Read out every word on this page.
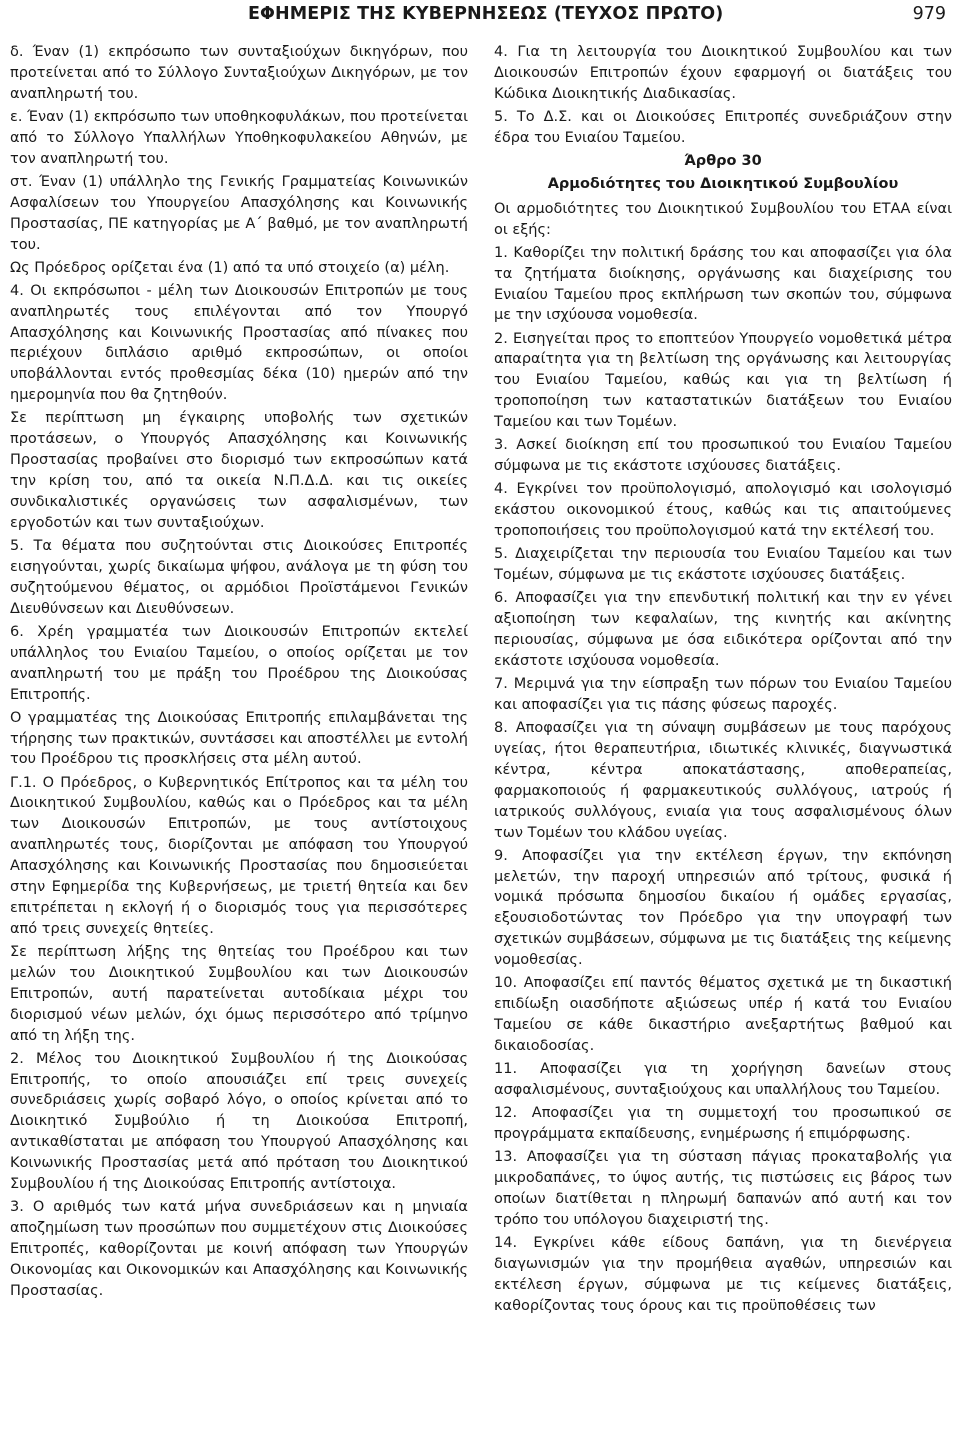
ΕΦΗΜΕΡΙΣ ΤΗΣ ΚΥΒΕΡΝΗΣΕΩΣ (ΤΕΥΧΟΣ ΠΡΩΤΟ)	979

δ. Έναν (1) εκπρόσωπο των συνταξιούχων δικηγόρων, που προτείνεται από το Σύλλογο Συνταξιούχων Δικηγόρων, με τον αναπληρωτή του.

ε. Έναν (1) εκπρόσωπο των υποθηκοφυλάκων, που προτείνεται από το Σύλλογο Υπαλλήλων Υποθηκοφυλακείου Αθηνών, με τον αναπληρωτή του.

στ. Έναν (1) υπάλληλο της Γενικής Γραμματείας Κοινωνικών Ασφαλίσεων του Υπουργείου Απασχόλησης και Κοινωνικής Προστασίας, ΠΕ κατηγορίας με Α΄ βαθμό, με τον αναπληρωτή του.

Ως Πρόεδρος ορίζεται ένα (1) από τα υπό στοιχείο (α) μέλη.

4. Οι εκπρόσωποι - μέλη των Διοικουσών Επιτροπών με τους αναπληρωτές τους επιλέγονται από τον Υπουργό Απασχόλησης και Κοινωνικής Προστασίας από πίνακες που περιέχουν διπλάσιο αριθμό εκπροσώπων, οι οποίοι υποβάλλονται εντός προθεσμίας δέκα (10) ημερών από την ημερομηνία που θα ζητηθούν.

Σε περίπτωση μη έγκαιρης υποβολής των σχετικών προτάσεων, ο Υπουργός Απασχόλησης και Κοινωνικής Προστασίας προβαίνει στο διορισμό των εκπροσώπων κατά την κρίση του, από τα οικεία Ν.Π.Δ.Δ. και τις οικείες συνδικαλιστικές οργανώσεις των ασφαλισμένων, των εργοδοτών και των συνταξιούχων.

5. Τα θέματα που συζητούνται στις Διοικούσες Επιτροπές εισηγούνται, χωρίς δικαίωμα ψήφου, ανάλογα με τη φύση του συζητούμενου θέματος, οι αρμόδιοι Προϊστάμενοι Γενικών Διευθύνσεων και Διευθύνσεων.

6. Χρέη γραμματέα των Διοικουσών Επιτροπών εκτελεί υπάλληλος του Ενιαίου Ταμείου, ο οποίος ορίζεται με τον αναπληρωτή του με πράξη του Προέδρου της Διοικούσας Επιτροπής.

Ο γραμματέας της Διοικούσας Επιτροπής επιλαμβάνεται της τήρησης των πρακτικών, συντάσσει και αποστέλλει με εντολή του Προέδρου τις προσκλήσεις στα μέλη αυτού.

Γ.1. Ο Πρόεδρος, ο Κυβερνητικός Επίτροπος και τα μέλη του Διοικητικού Συμβουλίου, καθώς και ο Πρόεδρος και τα μέλη των Διοικουσών Επιτροπών, με τους αντίστοιχους αναπληρωτές τους, διορίζονται με απόφαση του Υπουργού Απασχόλησης και Κοινωνικής Προστασίας που δημοσιεύεται στην Εφημερίδα της Κυβερνήσεως, με τριετή θητεία και δεν επιτρέπεται η εκλογή ή ο διορισμός τους για περισσότερες από τρεις συνεχείς θητείες.

Σε περίπτωση λήξης της θητείας του Προέδρου και των μελών του Διοικητικού Συμβουλίου και των Διοικουσών Επιτροπών, αυτή παρατείνεται αυτοδίκαια μέχρι του διορισμού νέων μελών, όχι όμως περισσότερο από τρίμηνο από τη λήξη της.

2. Μέλος του Διοικητικού Συμβουλίου ή της Διοικούσας Επιτροπής, το οποίο απουσιάζει επί τρεις συνεχείς συνεδριάσεις χωρίς σοβαρό λόγο, ο οποίος κρίνεται από το Διοικητικό Συμβούλιο ή τη Διοικούσα Επιτροπή, αντικαθίσταται με απόφαση του Υπουργού Απασχόλησης και Κοινωνικής Προστασίας μετά από πρόταση του Διοικητικού Συμβουλίου ή της Διοικούσας Επιτροπής αντίστοιχα.

3. Ο αριθμός των κατά μήνα συνεδριάσεων και η μηνιαία αποζημίωση των προσώπων που συμμετέχουν στις Διοικούσες Επιτροπές, καθορίζονται με κοινή απόφαση των Υπουργών Οικονομίας και Οικονομικών και Απασχόλησης και Κοινωνικής Προστασίας.

4. Για τη λειτουργία του Διοικητικού Συμβουλίου και των Διοικουσών Επιτροπών έχουν εφαρμογή οι διατάξεις του Κώδικα Διοικητικής Διαδικασίας.

5. Το Δ.Σ. και οι Διοικούσες Επιτροπές συνεδριάζουν στην έδρα του Ενιαίου Ταμείου.

Άρθρο 30
Αρμοδιότητες του Διοικητικού Συμβουλίου

Οι αρμοδιότητες του Διοικητικού Συμβουλίου του ΕΤΑΑ είναι οι εξής:

1. Καθορίζει την πολιτική δράσης του και αποφασίζει για όλα τα ζητήματα διοίκησης, οργάνωσης και διαχείρισης του Ενιαίου Ταμείου προς εκπλήρωση των σκοπών του, σύμφωνα με την ισχύουσα νομοθεσία.

2. Εισηγείται προς το εποπτεύον Υπουργείο νομοθετικά μέτρα απαραίτητα για τη βελτίωση της οργάνωσης και λειτουργίας του Ενιαίου Ταμείου, καθώς και για τη βελτίωση ή τροποποίηση των καταστατικών διατάξεων του Ενιαίου Ταμείου και των Τομέων.

3. Ασκεί διοίκηση επί του προσωπικού του Ενιαίου Ταμείου σύμφωνα με τις εκάστοτε ισχύουσες διατάξεις.

4. Εγκρίνει τον προϋπολογισμό, απολογισμό και ισολογισμό εκάστου οικονομικού έτους, καθώς και τις απαιτούμενες τροποποιήσεις του προϋπολογισμού κατά την εκτέλεσή του.

5. Διαχειρίζεται την περιουσία του Ενιαίου Ταμείου και των Τομέων, σύμφωνα με τις εκάστοτε ισχύουσες διατάξεις.

6. Αποφασίζει για την επενδυτική πολιτική και την εν γένει αξιοποίηση των κεφαλαίων, της κινητής και ακίνητης περιουσίας, σύμφωνα με όσα ειδικότερα ορίζονται από την εκάστοτε ισχύουσα νομοθεσία.

7. Μεριμνά για την είσπραξη των πόρων του Ενιαίου Ταμείου και αποφασίζει για τις πάσης φύσεως παροχές.

8. Αποφασίζει για τη σύναψη συμβάσεων με τους παρόχους υγείας, ήτοι θεραπευτήρια, ιδιωτικές κλινικές, διαγνωστικά κέντρα, κέντρα αποκατάστασης, αποθεραπείας, φαρμακοποιούς ή φαρμακευτικούς συλλόγους, ιατρούς ή ιατρικούς συλλόγους, ενιαία για τους ασφαλισμένους όλων των Τομέων του κλάδου υγείας.

9. Αποφασίζει για την εκτέλεση έργων, την εκπόνηση μελετών, την παροχή υπηρεσιών από τρίτους, φυσικά ή νομικά πρόσωπα δημοσίου δικαίου ή ομάδες εργασίας, εξουσιοδοτώντας τον Πρόεδρο για την υπογραφή των σχετικών συμβάσεων, σύμφωνα με τις διατάξεις της κείμενης νομοθεσίας.

10. Αποφασίζει επί παντός θέματος σχετικά με τη δικαστική επιδίωξη οιασδήποτε αξιώσεως υπέρ ή κατά του Ενιαίου Ταμείου σε κάθε δικαστήριο ανεξαρτήτως βαθμού και δικαιοδοσίας.

11. Αποφασίζει για τη χορήγηση δανείων στους ασφαλισμένους, συνταξιούχους και υπαλλήλους του Ταμείου.

12. Αποφασίζει για τη συμμετοχή του προσωπικού σε προγράμματα εκπαίδευσης, ενημέρωσης ή επιμόρφωσης.

13. Αποφασίζει για τη σύσταση πάγιας προκαταβολής για μικροδαπάνες, το ύψος αυτής, τις πιστώσεις εις βάρος των οποίων διατίθεται η πληρωμή δαπανών από αυτή και τον τρόπο του υπόλογου διαχειριστή της.

14. Εγκρίνει κάθε είδους δαπάνη, για τη διενέργεια διαγωνισμών για την προμήθεια αγαθών, υπηρεσιών και εκτέλεση έργων, σύμφωνα με τις κείμενες διατάξεις, καθορίζοντας τους όρους και τις προϋποθέσεις των
